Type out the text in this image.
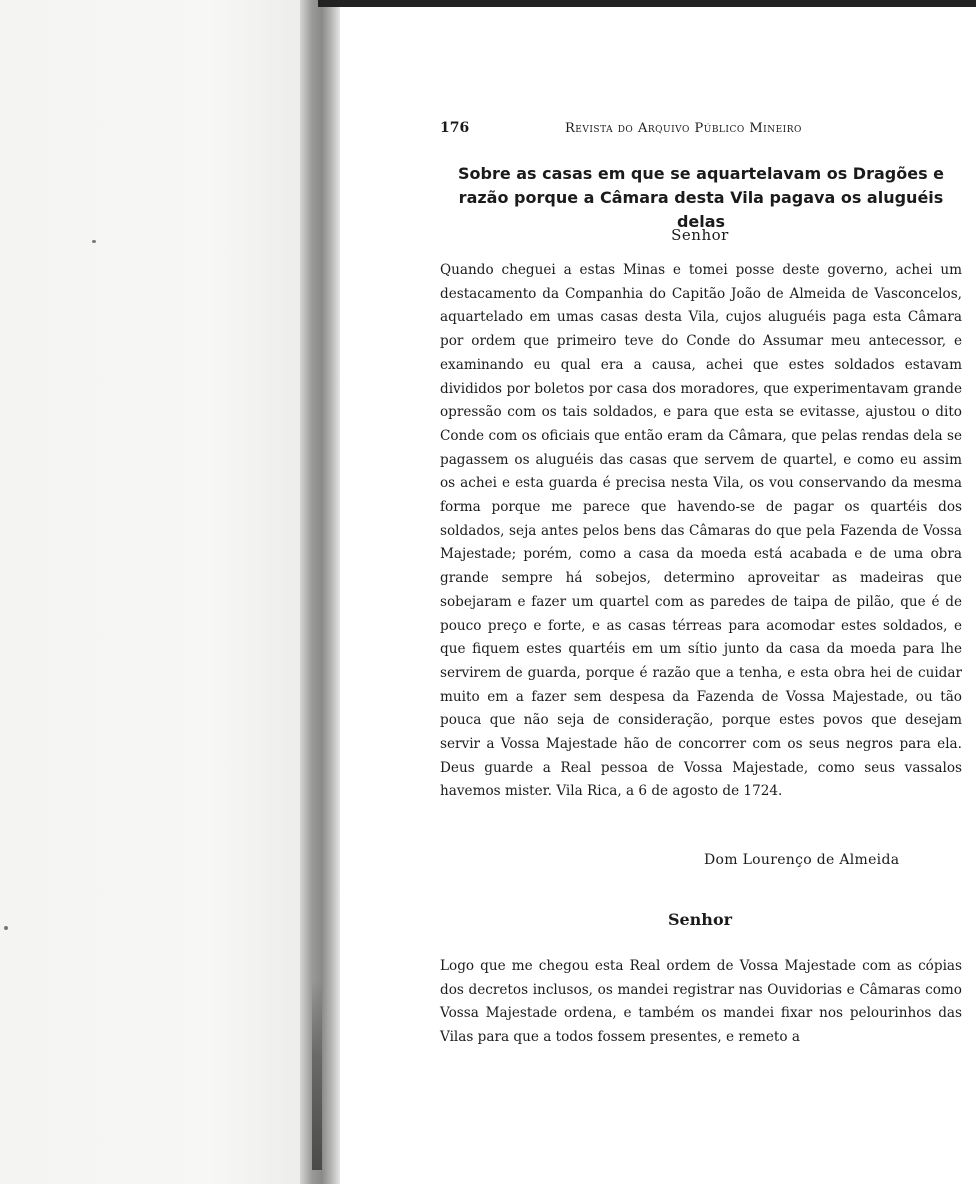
176	Revista do Arquivo Público Mineiro
Sobre as casas em que se aquartelavam os Dragões e razão porque a Câmara desta Vila pagava os aluguéis delas
Senhor
Quando cheguei a estas Minas e tomei posse deste governo, achei um destacamento da Companhia do Capitão João de Almeida de Vasconcelos, aquartelado em umas casas desta Vila, cujos aluguéis paga esta Câmara por ordem que primeiro teve do Conde do Assumar meu antecessor, e examinando eu qual era a causa, achei que estes soldados estavam divididos por boletos por casa dos moradores, que experimentavam grande opressão com os tais soldados, e para que esta se evitasse, ajustou o dito Conde com os oficiais que então eram da Câmara, que pelas rendas dela se pagassem os aluguéis das casas que servem de quartel, e como eu assim os achei e esta guarda é precisa nesta Vila, os vou conservando da mesma forma porque me parece que havendo-se de pagar os quartéis dos soldados, seja antes pelos bens das Câmaras do que pela Fazenda de Vossa Majestade; porém, como a casa da moeda está acabada e de uma obra grande sempre há sobejos, determino aproveitar as madeiras que sobejaram e fazer um quartel com as paredes de taipa de pilão, que é de pouco preço e forte, e as casas térreas para acomodar estes soldados, e que fiquem estes quartéis em um sítio junto da casa da moeda para lhe servirem de guarda, porque é razão que a tenha, e esta obra hei de cuidar muito em a fazer sem despesa da Fazenda de Vossa Majestade, ou tão pouca que não seja de consideração, porque estes povos que desejam servir a Vossa Majestade hão de concorrer com os seus negros para ela. Deus guarde a Real pessoa de Vossa Majestade, como seus vassalos havemos mister. Vila Rica, a 6 de agosto de 1724.
Dom Lourenço de Almeida
Senhor
Logo que me chegou esta Real ordem de Vossa Majestade com as cópias dos decretos inclusos, os mandei registrar nas Ouvidorias e Câmaras como Vossa Majestade ordena, e também os mandei fixar nos pelourinhos das Vilas para que a todos fossem presentes, e remeto a
